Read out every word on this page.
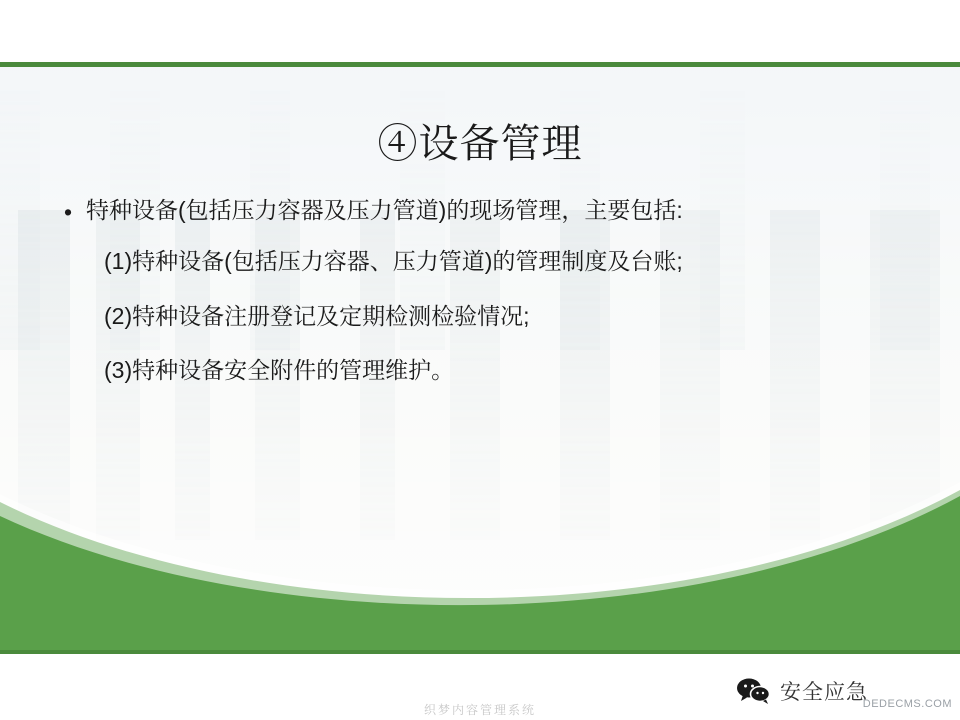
④设备管理
• 特种设备(包括压力容器及压力管道)的现场管理，主要包括:
(1)特种设备(包括压力容器、压力管道)的管理制度及台账;
(2)特种设备注册登记及定期检测检验情况;
(3)特种设备安全附件的管理维护。
安全应急
DEDECMS.COM
织梦内容管理系统
